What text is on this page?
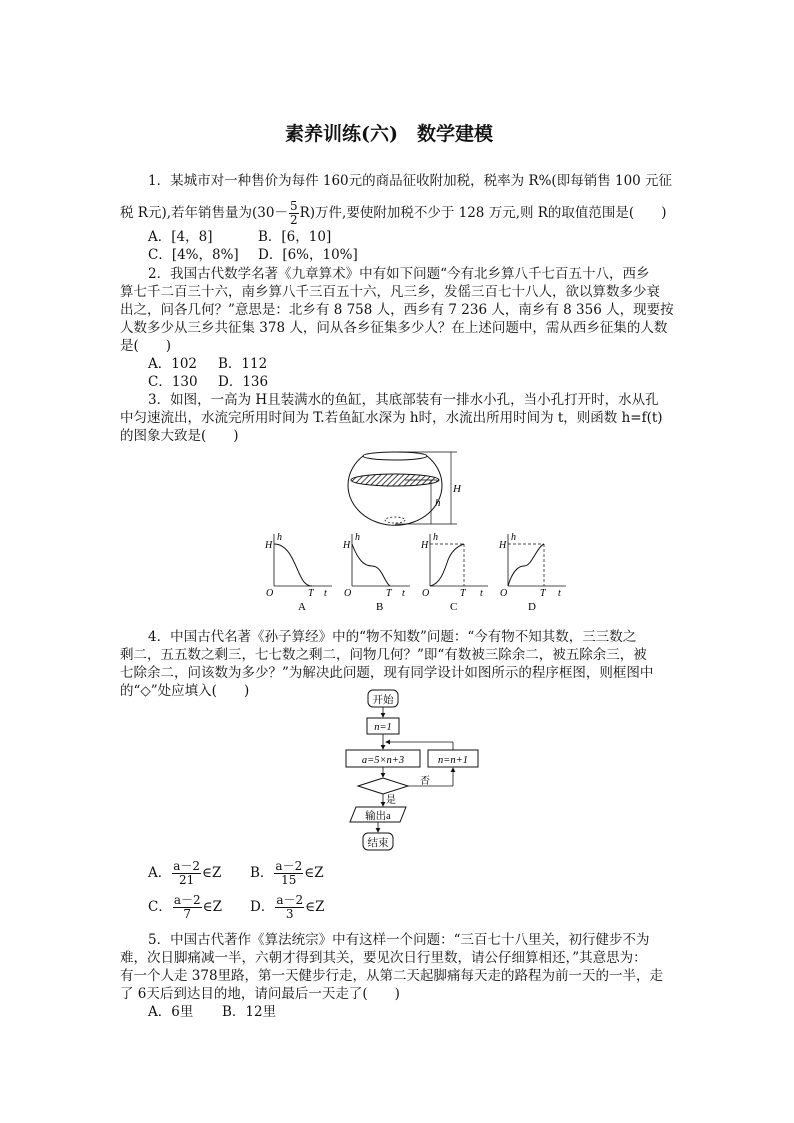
素养训练(六)　数学建模
1．某城市对一种售价为每件 160元的商品征收附加税，税率为 R%(即每销售 100 元征
税 R元),若年销售量为$(30- \frac{5}{2} R)$万件,要使附加税不少于 128 万元,则 R的取值范围是(　　)
A．[4，8]	B．[6，10]
C．[4%，8%] D．[6%，10%]
2．我国古代数学名著《九章算术》中有如下问题“今有北乡算八千七百五十八，西乡
算七千二百三十六，南乡算八千三百五十六，凡三乡，发傜三百七十八人，欲以算数多少衰
出之，问各几何？”意思是：北乡有 8 758 人，西乡有 7 236 人，南乡有 8 356 人，现要按
人数多少从三乡共征集 378 人，问从各乡征集多少人？在上述问题中，需从西乡征集的人数
是(　　)
A．102 B．112
C．130 D．136
3．如图，一高为 H且装满水的鱼缸，其底部装有一排水小孔，当小孔打开时，水从孔
中匀速流出，水流完所用时间为 T.若鱼缸水深为 h时，水流出所用时间为 t，则函数 h=f(t)
的图象大致是(　　)
H
h
h
H
O	T t
A
h
H
O	T t
B
h
H
O	T t
C
h
H
O	T t
D
4．中国古代名著《孙子算经》中的“物不知数”问题：“今有物不知其数，三三数之
剩二，五五数之剩三，七七数之剩二，问物几何？”即“有数被三除余二，被五除余三，被
七除余二，问该数为多少？”为解决此问题，现有同学设计如图所示的程序框图，则框图中
的“◇”处应填入(　　)
开始
n=1
a=5×n+3	n=n+1
否
是
输出a
结束
A． $\frac{a-2}{21}$ ∈Z B． $\frac{a-2}{15}$ ∈Z
C． $\frac{a-2}{7}$ ∈Z D． $\frac{a-2}{3}$ ∈Z
5．中国古代著作《算法统宗》中有这样一个问题：“三百七十八里关，初行健步不为
难，次日脚痛减一半，六朝才得到其关，要见次日行里数，请公仔细算相还，”其意思为：
有一个人走 378里路，第一天健步行走，从第二天起脚痛每天走的路程为前一天的一半，走
了 6天后到达目的地，请问最后一天走了(　　)
A．6里 B．12里
